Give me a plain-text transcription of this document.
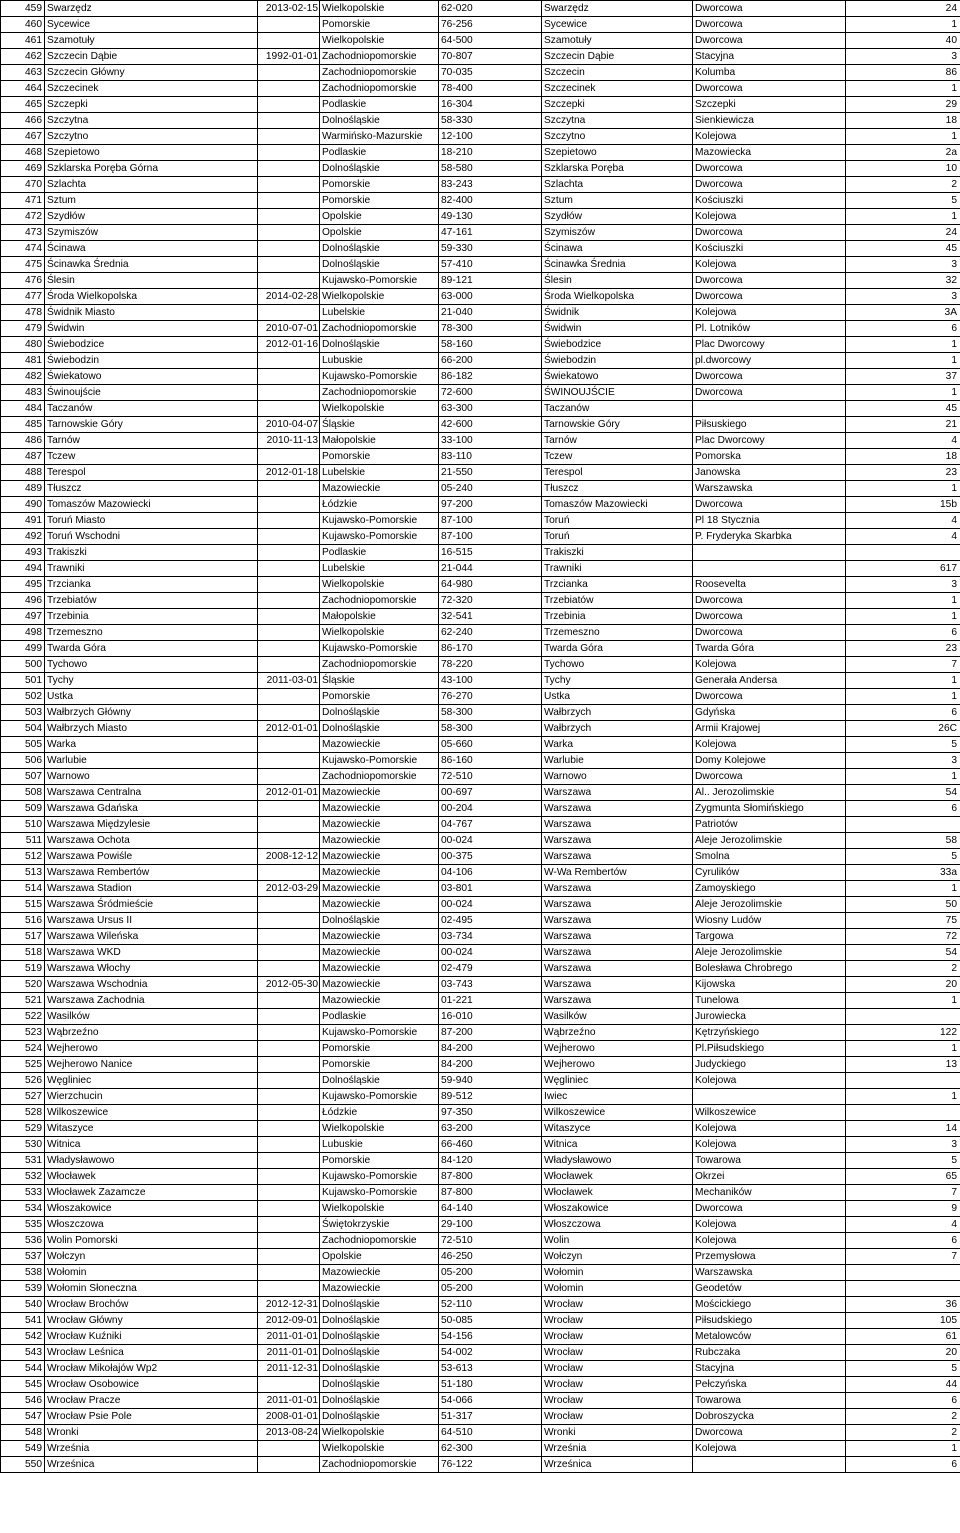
459	Swarzędz	2013-02-15	Wielkopolskie	62-020	Swarzędz	Dworcowa	24
460	Sycewice		Pomorskie	76-256	Sycewice	Dworcowa	1
461	Szamotuły		Wielkopolskie	64-500	Szamotuły	Dworcowa	40
462	Szczecin Dąbie	1992-01-01	Zachodniopomorskie	70-807	Szczecin Dąbie	Stacyjna	3
463	Szczecin Główny		Zachodniopomorskie	70-035	Szczecin	Kolumba	86
464	Szczecinek		Zachodniopomorskie	78-400	Szczecinek	Dworcowa	1
465	Szczepki		Podlaskie	16-304	Szczepki	Szczepki	29
466	Szczytna		Dolnośląskie	58-330	Szczytna	Sienkiewicza	18
467	Szczytno		Warmińsko-Mazurskie	12-100	Szczytno	Kolejowa	1
468	Szepietowo		Podlaskie	18-210	Szepietowo	Mazowiecka	2a
469	Szklarska Poręba Górna		Dolnośląskie	58-580	Szklarska Poręba	Dworcowa	10
470	Szlachta		Pomorskie	83-243	Szlachta	Dworcowa	2
471	Sztum		Pomorskie	82-400	Sztum	Kościuszki	5
472	Szydłów		Opolskie	49-130	Szydłów	Kolejowa	1
473	Szymiszów		Opolskie	47-161	Szymiszów	Dworcowa	24
474	Ścinawa		Dolnośląskie	59-330	Ścinawa	Kościuszki	45
475	Ścinawka Średnia		Dolnośląskie	57-410	Ścinawka Średnia	Kolejowa	3
476	Ślesin		Kujawsko-Pomorskie	89-121	Ślesin	Dworcowa	32
477	Środa Wielkopolska	2014-02-28	Wielkopolskie	63-000	Środa Wielkopolska	Dworcowa	3
478	Świdnik Miasto		Lubelskie	21-040	Świdnik	Kolejowa	3A
479	Świdwin	2010-07-01	Zachodniopomorskie	78-300	Świdwin	Pl. Lotników	6
480	Świebodzice	2012-01-16	Dolnośląskie	58-160	Świebodzice	Plac Dworcowy	1
481	Świebodzin		Lubuskie	66-200	Świebodzin	pl.dworcowy	1
482	Świekatowo		Kujawsko-Pomorskie	86-182	Świekatowo	Dworcowa	37
483	Świnoujście		Zachodniopomorskie	72-600	ŚWINOUJŚCIE	Dworcowa	1
484	Taczanów		Wielkopolskie	63-300	Taczanów		45
485	Tarnowskie Góry	2010-04-07	Śląskie	42-600	Tarnowskie Góry	Piłsuskiego	21
486	Tarnów	2010-11-13	Małopolskie	33-100	Tarnów	Plac Dworcowy	4
487	Tczew		Pomorskie	83-110	Tczew	Pomorska	18
488	Terespol	2012-01-18	Lubelskie	21-550	Terespol	Janowska	23
489	Tłuszcz		Mazowieckie	05-240	Tłuszcz	Warszawska	1
490	Tomaszów Mazowiecki		Łódzkie	97-200	Tomaszów Mazowiecki	Dworcowa	15b
491	Toruń Miasto		Kujawsko-Pomorskie	87-100	Toruń	Pl 18 Stycznia	4
492	Toruń Wschodni		Kujawsko-Pomorskie	87-100	Toruń	P. Fryderyka Skarbka	4
493	Trakiszki		Podlaskie	16-515	Trakiszki		
494	Trawniki		Lubelskie	21-044	Trawniki		617
495	Trzcianka		Wielkopolskie	64-980	Trzcianka	Roosevelta	3
496	Trzebiatów		Zachodniopomorskie	72-320	Trzebiatów	Dworcowa	1
497	Trzebinia		Małopolskie	32-541	Trzebinia	Dworcowa	1
498	Trzemeszno		Wielkopolskie	62-240	Trzemeszno	Dworcowa	6
499	Twarda Góra		Kujawsko-Pomorskie	86-170	Twarda Góra	Twarda Góra	23
500	Tychowo		Zachodniopomorskie	78-220	Tychowo	Kolejowa	7
501	Tychy	2011-03-01	Śląskie	43-100	Tychy	Generała Andersa	1
502	Ustka		Pomorskie	76-270	Ustka	Dworcowa	1
503	Wałbrzych Główny		Dolnośląskie	58-300	Wałbrzych	Gdyńska	6
504	Wałbrzych Miasto	2012-01-01	Dolnośląskie	58-300	Wałbrzych	Armii Krajowej	26C
505	Warka		Mazowieckie	05-660	Warka	Kolejowa	5
506	Warlubie		Kujawsko-Pomorskie	86-160	Warlubie	Domy Kolejowe	3
507	Warnowo		Zachodniopomorskie	72-510	Warnowo	Dworcowa	1
508	Warszawa Centralna	2012-01-01	Mazowieckie	00-697	Warszawa	Al.. Jerozolimskie	54
509	Warszawa Gdańska		Mazowieckie	00-204	Warszawa	Zygmunta Słomińskiego	6
510	Warszawa Międzylesie		Mazowieckie	04-767	Warszawa	Patriotów	
511	Warszawa Ochota		Mazowieckie	00-024	Warszawa	Aleje Jerozolimskie	58
512	Warszawa Powiśle	2008-12-12	Mazowieckie	00-375	Warszawa	Smolna	5
513	Warszawa Rembertów		Mazowieckie	04-106	W-Wa Rembertów	Cyrulików	33a
514	Warszawa Stadion	2012-03-29	Mazowieckie	03-801	Warszawa	Zamoyskiego	1
515	Warszawa Śródmieście		Mazowieckie	00-024	Warszawa	Aleje Jerozolimskie	50
516	Warszawa Ursus II		Dolnośląskie	02-495	Warszawa	Wiosny Ludów	75
517	Warszawa Wileńska		Mazowieckie	03-734	Warszawa	Targowa	72
518	Warszawa WKD		Mazowieckie	00-024	Warszawa	Aleje Jerozolimskie	54
519	Warszawa Włochy		Mazowieckie	02-479	Warszawa	Bolesława Chrobrego	2
520	Warszawa Wschodnia	2012-05-30	Mazowieckie	03-743	Warszawa	Kijowska	20
521	Warszawa Zachodnia		Mazowieckie	01-221	Warszawa	Tunelowa	1
522	Wasilków		Podlaskie	16-010	Wasilków	Jurowiecka	
523	Wąbrzeźno		Kujawsko-Pomorskie	87-200	Wąbrzeźno	Kętrzyńskiego	122
524	Wejherowo		Pomorskie	84-200	Wejherowo	Pl.Piłsudskiego	1
525	Wejherowo Nanice		Pomorskie	84-200	Wejherowo	Judyckiego	13
526	Węgliniec		Dolnośląskie	59-940	Węgliniec	Kolejowa	
527	Wierzchucin		Kujawsko-Pomorskie	89-512	Iwiec		1
528	Wilkoszewice		Łódzkie	97-350	Wilkoszewice	Wilkoszewice	
529	Witaszyce		Wielkopolskie	63-200	Witaszyce	Kolejowa	14
530	Witnica		Lubuskie	66-460	Witnica	Kolejowa	3
531	Władysławowo		Pomorskie	84-120	Władysławowo	Towarowa	5
532	Włocławek		Kujawsko-Pomorskie	87-800	Włocławek	Okrzei	65
533	Włocławek Zazamcze		Kujawsko-Pomorskie	87-800	Włocławek	Mechaników	7
534	Włoszakowice		Wielkopolskie	64-140	Włoszakowice	Dworcowa	9
535	Włoszczowa		Świętokrzyskie	29-100	Włoszczowa	Kolejowa	4
536	Wolin Pomorski		Zachodniopomorskie	72-510	Wolin	Kolejowa	6
537	Wołczyn		Opolskie	46-250	Wołczyn	Przemysłowa	7
538	Wołomin		Mazowieckie	05-200	Wołomin	Warszawska	
539	Wołomin Słoneczna		Mazowieckie	05-200	Wołomin	Geodetów	
540	Wrocław Brochów	2012-12-31	Dolnośląskie	52-110	Wrocław	Mościckiego	36
541	Wrocław Główny	2012-09-01	Dolnośląskie	50-085	Wrocław	Piłsudskiego	105
542	Wrocław Kuźniki	2011-01-01	Dolnośląskie	54-156	Wrocław	Metalowców	61
543	Wrocław Leśnica	2011-01-01	Dolnośląskie	54-002	Wrocław	Rubczaka	20
544	Wrocław Mikołajów Wp2	2011-12-31	Dolnośląskie	53-613	Wrocław	Stacyjna	5
545	Wrocław Osobowice		Dolnośląskie	51-180	Wrocław	Pełczyńska	44
546	Wrocław Pracze	2011-01-01	Dolnośląskie	54-066	Wrocław	Towarowa	6
547	Wrocław Psie Pole	2008-01-01	Dolnośląskie	51-317	Wrocław	Dobroszycka	2
548	Wronki	2013-08-24	Wielkopolskie	64-510	Wronki	Dworcowa	2
549	Września		Wielkopolskie	62-300	Września	Kolejowa	1
550	Wrześnica		Zachodniopomorskie	76-122	Wrześnica		6
